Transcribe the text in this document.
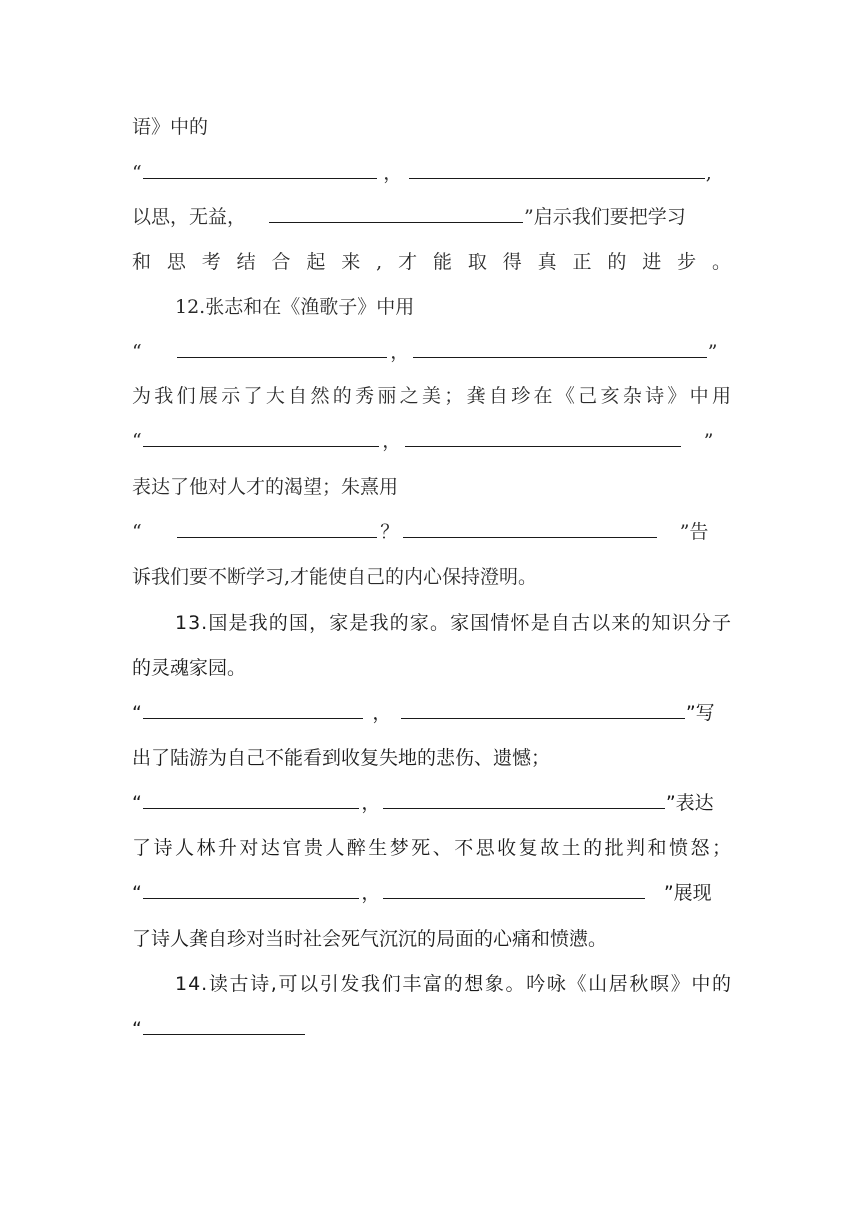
语》中的
“	，	,
以思，无益，	”启示我们要把学习
和思考结合起来,才能取得真正的进步。
12.张志和在《渔歌子》中用
“	，	”
为我们展示了大自然的秀丽之美；龚自珍在《己亥杂诗》中用
“	，	”
表达了他对人才的渴望；朱熹用
“	？	”告
诉我们要不断学习,才能使自己的内心保持澄明。
13.国是我的国，家是我的家。家国情怀是自古以来的知识分子
的灵魂家园。
“	，	”写
出了陆游为自己不能看到收复失地的悲伤、遗憾；
“	，	”表达
了诗人林升对达官贵人醉生梦死、不思收复故土的批判和愤怒；
“	，	”展现
了诗人龚自珍对当时社会死气沉沉的局面的心痛和愤懑。
14.读古诗,可以引发我们丰富的想象。吟咏《山居秋暝》中的
“
